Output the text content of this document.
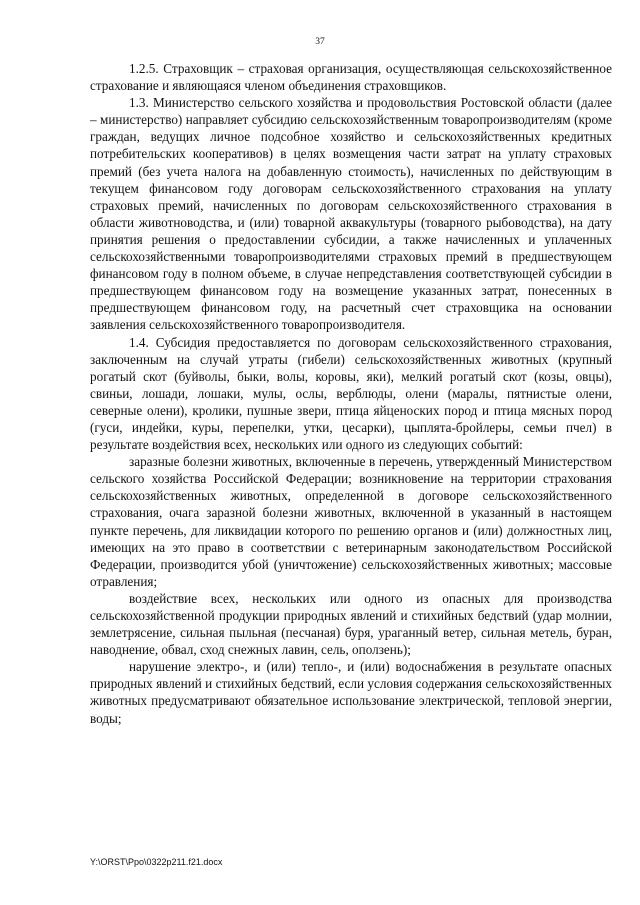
37

1.2.5. Страховщик – страховая организация, осуществляющая сельскохозяйственное страхование и являющаяся членом объединения страховщиков.

1.3. Министерство сельского хозяйства и продовольствия Ростовской области (далее – министерство) направляет субсидию сельскохозяйственным товаропроизводителям (кроме граждан, ведущих личное подсобное хозяйство и сельскохозяйственных кредитных потребительских кооперативов) в целях возмещения части затрат на уплату страховых премий (без учета налога на добавленную стоимость), начисленных по действующим в текущем финансовом году договорам сельскохозяйственного страхования на уплату страховых премий, начисленных по договорам сельскохозяйственного страхования в области животноводства, и (или) товарной аквакультуры (товарного рыбоводства), на дату принятия решения о предоставлении субсидии, а также начисленных и уплаченных сельскохозяйственными товаропроизводителями страховых премий в предшествующем финансовом году в полном объеме, в случае непредставления соответствующей субсидии в предшествующем финансовом году на возмещение указанных затрат, понесенных в предшествующем финансовом году, на расчетный счет страховщика на основании заявления сельскохозяйственного товаропроизводителя.

1.4. Субсидия предоставляется по договорам сельскохозяйственного страхования, заключенным на случай утраты (гибели) сельскохозяйственных животных (крупный рогатый скот (буйволы, быки, волы, коровы, яки), мелкий рогатый скот (козы, овцы), свиньи, лошади, лошаки, мулы, ослы, верблюды, олени (маралы, пятнистые олени, северные олени), кролики, пушные звери, птица яйценоских пород и птица мясных пород (гуси, индейки, куры, перепелки, утки, цесарки), цыплята-бройлеры, семьи пчел) в результате воздействия всех, нескольких или одного из следующих событий:

заразные болезни животных, включенные в перечень, утвержденный Министерством сельского хозяйства Российской Федерации; возникновение на территории страхования сельскохозяйственных животных, определенной в договоре сельскохозяйственного страхования, очага заразной болезни животных, включенной в указанный в настоящем пункте перечень, для ликвидации которого по решению органов и (или) должностных лиц, имеющих на это право в соответствии с ветеринарным законодательством Российской Федерации, производится убой (уничтожение) сельскохозяйственных животных; массовые отравления;

воздействие всех, нескольких или одного из опасных для производства сельскохозяйственной продукции природных явлений и стихийных бедствий (удар молнии, землетрясение, сильная пыльная (песчаная) буря, ураганный ветер, сильная метель, буран, наводнение, обвал, сход снежных лавин, сель, оползень);

нарушение электро-, и (или) тепло-, и (или) водоснабжения в результате опасных природных явлений и стихийных бедствий, если условия содержания сельскохозяйственных животных предусматривают обязательное использование электрической, тепловой энергии, воды;

Y:\ORST\Ppo\0322p211.f21.docx
